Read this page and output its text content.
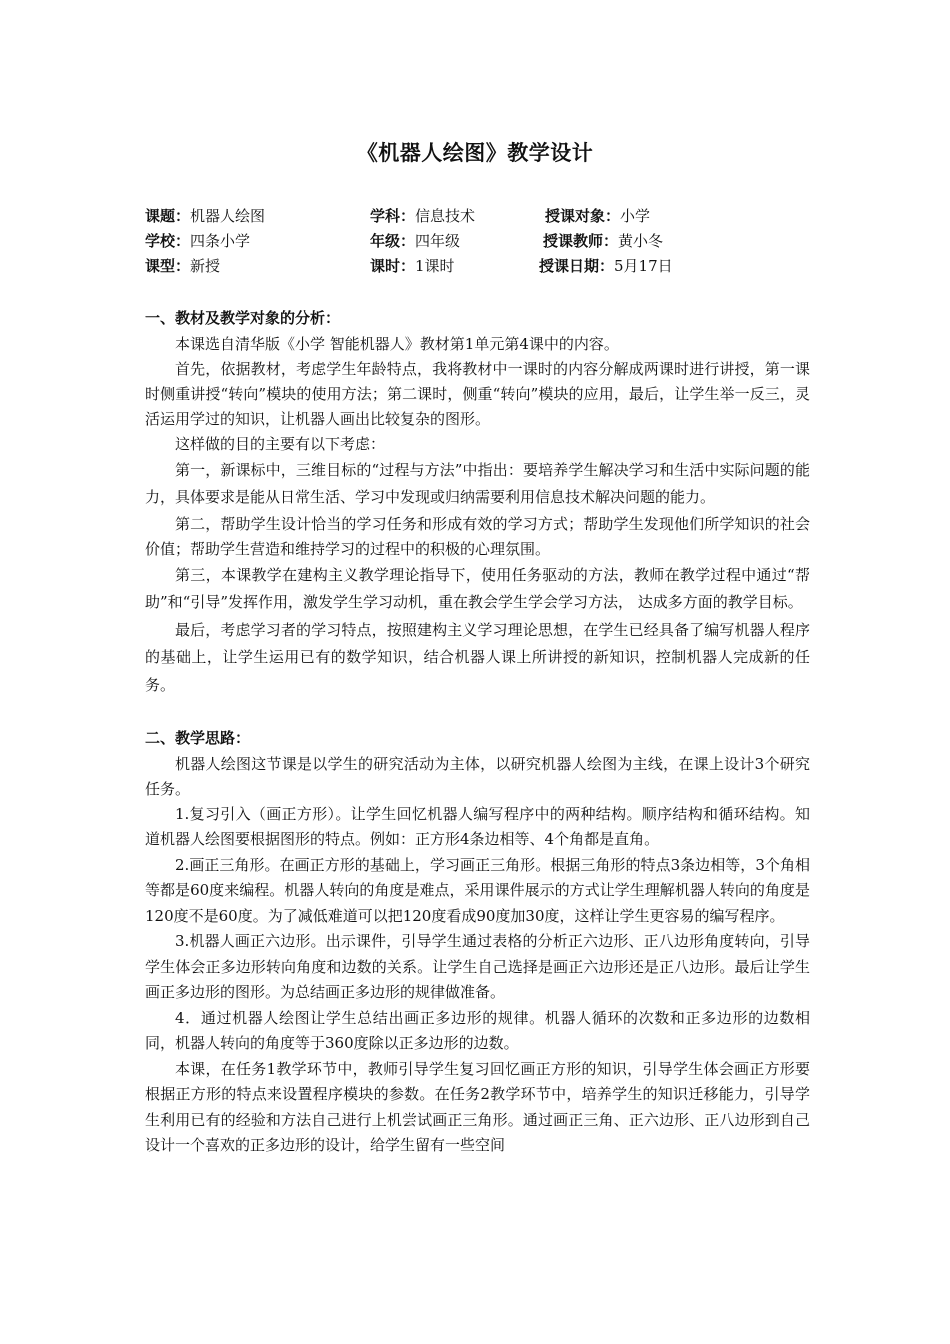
《机器人绘图》教学设计
课题：机器人绘图	学科：信息技术	授课对象：小学
学校：四条小学	年级：四年级	授课教师：黄小冬
课型：新授	课时：1课时	授课日期：5月17日

一、教材及教学对象的分析：

本课选自清华版《小学 智能机器人》教材第1单元第4课中的内容。

首先，依据教材，考虑学生年龄特点，我将教材中一课时的内容分解成两课时进行讲授，第一课时侧重讲授“转向”模块的使用方法；第二课时，侧重“转向”模块的应用，最后，让学生举一反三，灵活运用学过的知识，让机器人画出比较复杂的图形。

这样做的目的主要有以下考虑：

第一，新课标中，三维目标的“过程与方法”中指出：要培养学生解决学习和生活中实际问题的能力，具体要求是能从日常生活、学习中发现或归纳需要利用信息技术解决问题的能力。

第二，帮助学生设计恰当的学习任务和形成有效的学习方式；帮助学生发现他们所学知识的社会价值；帮助学生营造和维持学习的过程中的积极的心理氛围。

第三，本课教学在建构主义教学理论指导下，使用任务驱动的方法，教师在教学过程中通过“帮助”和“引导”发挥作用，激发学生学习动机，重在教会学生学会学习方法， 达成多方面的教学目标。

最后，考虑学习者的学习特点，按照建构主义学习理论思想，在学生已经具备了编写机器人程序的基础上，让学生运用已有的数学知识，结合机器人课上所讲授的新知识，控制机器人完成新的任务。

二、教学思路：

机器人绘图这节课是以学生的研究活动为主体，以研究机器人绘图为主线，在课上设计3个研究任务。

1.复习引入（画正方形）。让学生回忆机器人编写程序中的两种结构。顺序结构和循环结构。知道机器人绘图要根据图形的特点。例如：正方形4条边相等、4个角都是直角。

2.画正三角形。在画正方形的基础上，学习画正三角形。根据三角形的特点3条边相等，3个角相等都是60度来编程。机器人转向的角度是难点，采用课件展示的方式让学生理解机器人转向的角度是120度不是60度。为了减低难道可以把120度看成90度加30度，这样让学生更容易的编写程序。

3.机器人画正六边形。出示课件，引导学生通过表格的分析正六边形、正八边形角度转向，引导学生体会正多边形转向角度和边数的关系。让学生自己选择是画正六边形还是正八边形。最后让学生画正多边形的图形。为总结画正多边形的规律做准备。

4．通过机器人绘图让学生总结出画正多边形的规律。机器人循环的次数和正多边形的边数相同，机器人转向的角度等于360度除以正多边形的边数。

本课，在任务1教学环节中，教师引导学生复习回忆画正方形的知识，引导学生体会画正方形要根据正方形的特点来设置程序模块的参数。在任务2教学环节中，培养学生的知识迁移能力，引导学生利用已有的经验和方法自己进行上机尝试画正三角形。通过画正三角、正六边形、正八边形到自己设计一个喜欢的正多边形的设计，给学生留有一些空间
